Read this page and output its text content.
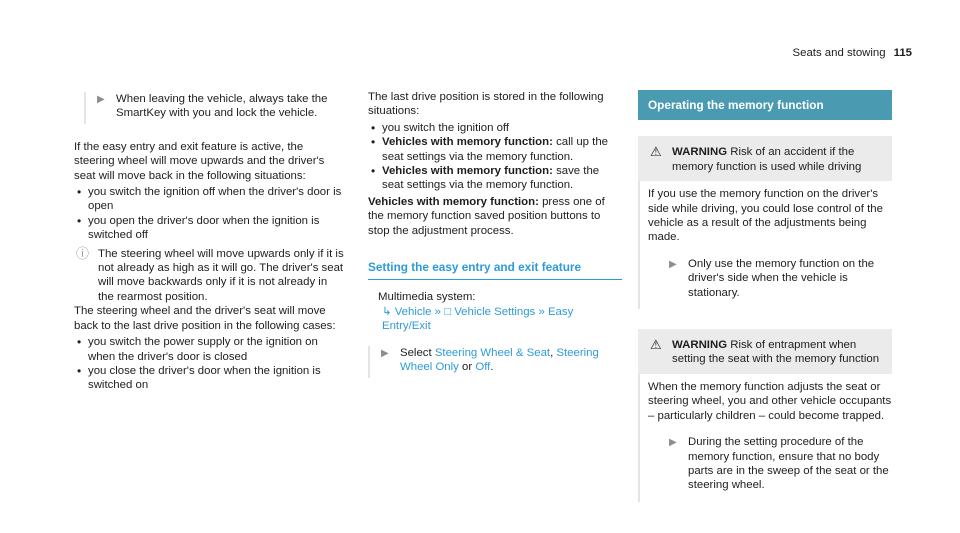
Seats and stowing 115
▶ When leaving the vehicle, always take the SmartKey with you and lock the vehicle.

If the easy entry and exit feature is active, the steering wheel will move upwards and the driver's seat will move back in the following situations:

• you switch the ignition off when the driver's door is open
• you open the driver's door when the ignition is switched off
ⓘ The steering wheel will move upwards only if it is not already as high as it will go. The driver's seat will move backwards only if it is not already in the rearmost position.

The steering wheel and the driver's seat will move back to the last drive position in the following cases:

• you switch the power supply or the ignition on when the driver's door is closed
• you close the driver's door when the ignition is switched on

The last drive position is stored in the following situations:

• you switch the ignition off
• Vehicles with memory function: call up the seat settings via the memory function.
• Vehicles with memory function: save the seat settings via the memory function.

Vehicles with memory function: press one of the memory function saved position buttons to stop the adjustment process.

Setting the easy entry and exit feature
Multimedia system:
↳ Vehicle » □ Vehicle Settings » Easy Entry/Exit
▶ Select Steering Wheel & Seat, Steering Wheel Only or Off.
Operating the memory function
⚠ WARNING Risk of an accident if the memory function is used while driving

If you use the memory function on the driver's side while driving, you could lose control of the vehicle as a result of the adjustments being made.

▶ Only use the memory function on the driver's side when the vehicle is stationary.
⚠ WARNING Risk of entrapment when setting the seat with the memory function

When the memory function adjusts the seat or steering wheel, you and other vehicle occupants – particularly children – could become trapped.

▶ During the setting procedure of the memory function, ensure that no body parts are in the sweep of the seat or the steering wheel.
